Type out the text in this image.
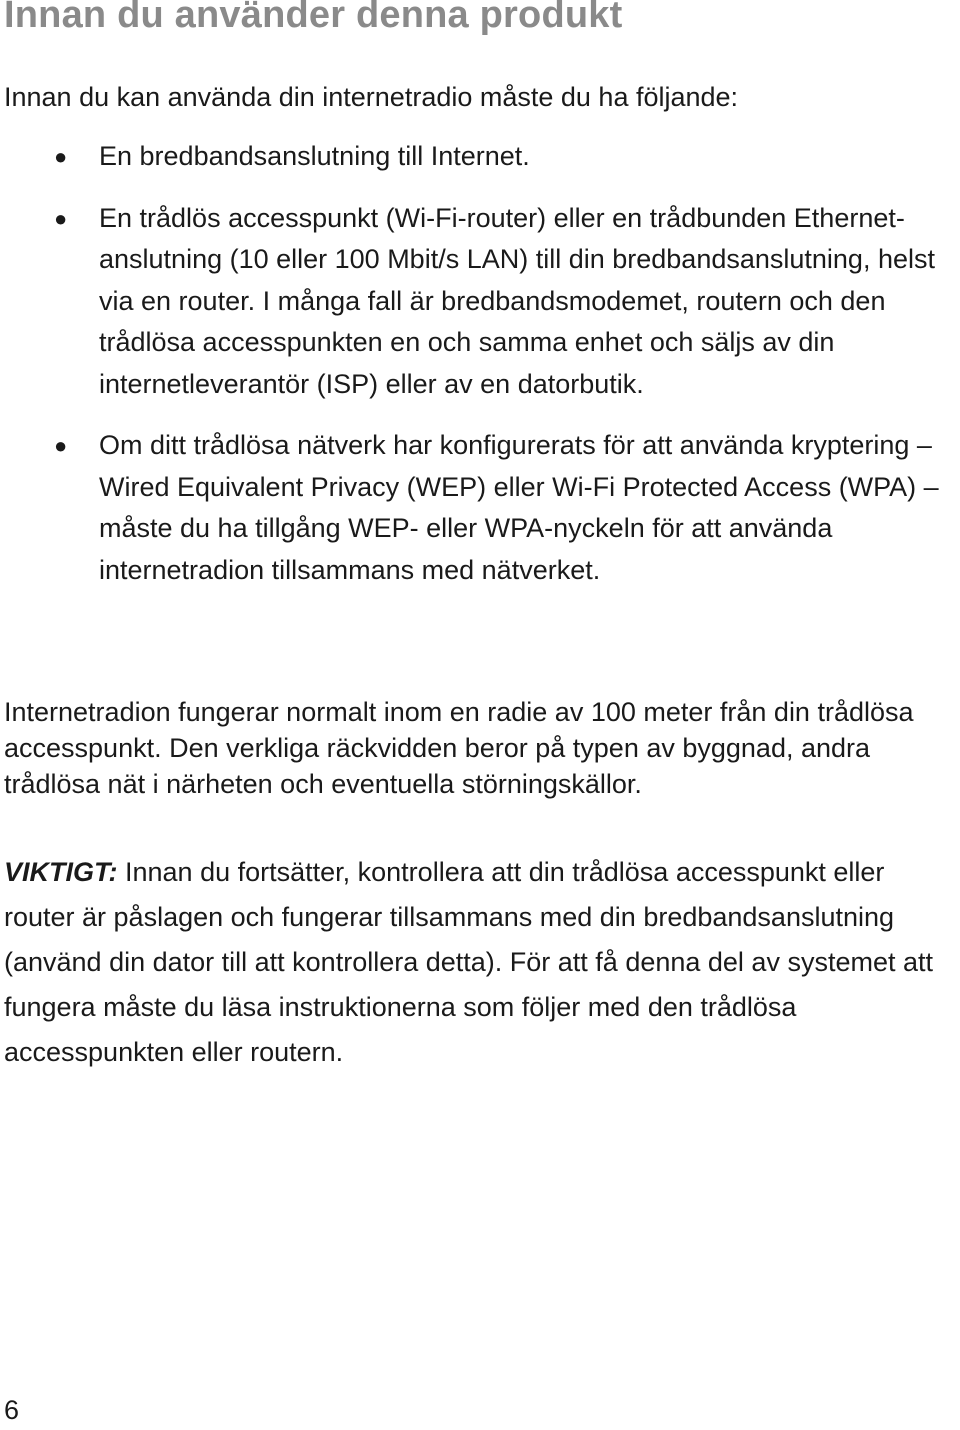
Innan du använder denna produkt
Innan du kan använda din internetradio måste du ha följande:
● En bredbandsanslutning till Internet.
● En trådlös accesspunkt (Wi-Fi-router) eller en trådbunden Ethernet-anslutning (10 eller 100 Mbit/s LAN) till din bredbandsanslutning, helst via en router. I många fall är bredbandsmodemet, routern och den trådlösa accesspunkten en och samma enhet och säljs av din internetleverantör (ISP) eller av en datorbutik.
● Om ditt trådlösa nätverk har konfigurerats för att använda kryptering – Wired Equivalent Privacy (WEP) eller Wi-Fi Protected Access (WPA) – måste du ha tillgång WEP- eller WPA-nyckeln för att använda internetradion tillsammans med nätverket.
Internetradion fungerar normalt inom en radie av 100 meter från din trådlösa accesspunkt. Den verkliga räckvidden beror på typen av byggnad, andra trådlösa nät i närheten och eventuella störningskällor.
VIKTIGT: Innan du fortsätter, kontrollera att din trådlösa accesspunkt eller router är påslagen och fungerar tillsammans med din bredbandsanslutning (använd din dator till att kontrollera detta). För att få denna del av systemet att fungera måste du läsa instruktionerna som följer med den trådlösa accesspunkten eller routern.
6
